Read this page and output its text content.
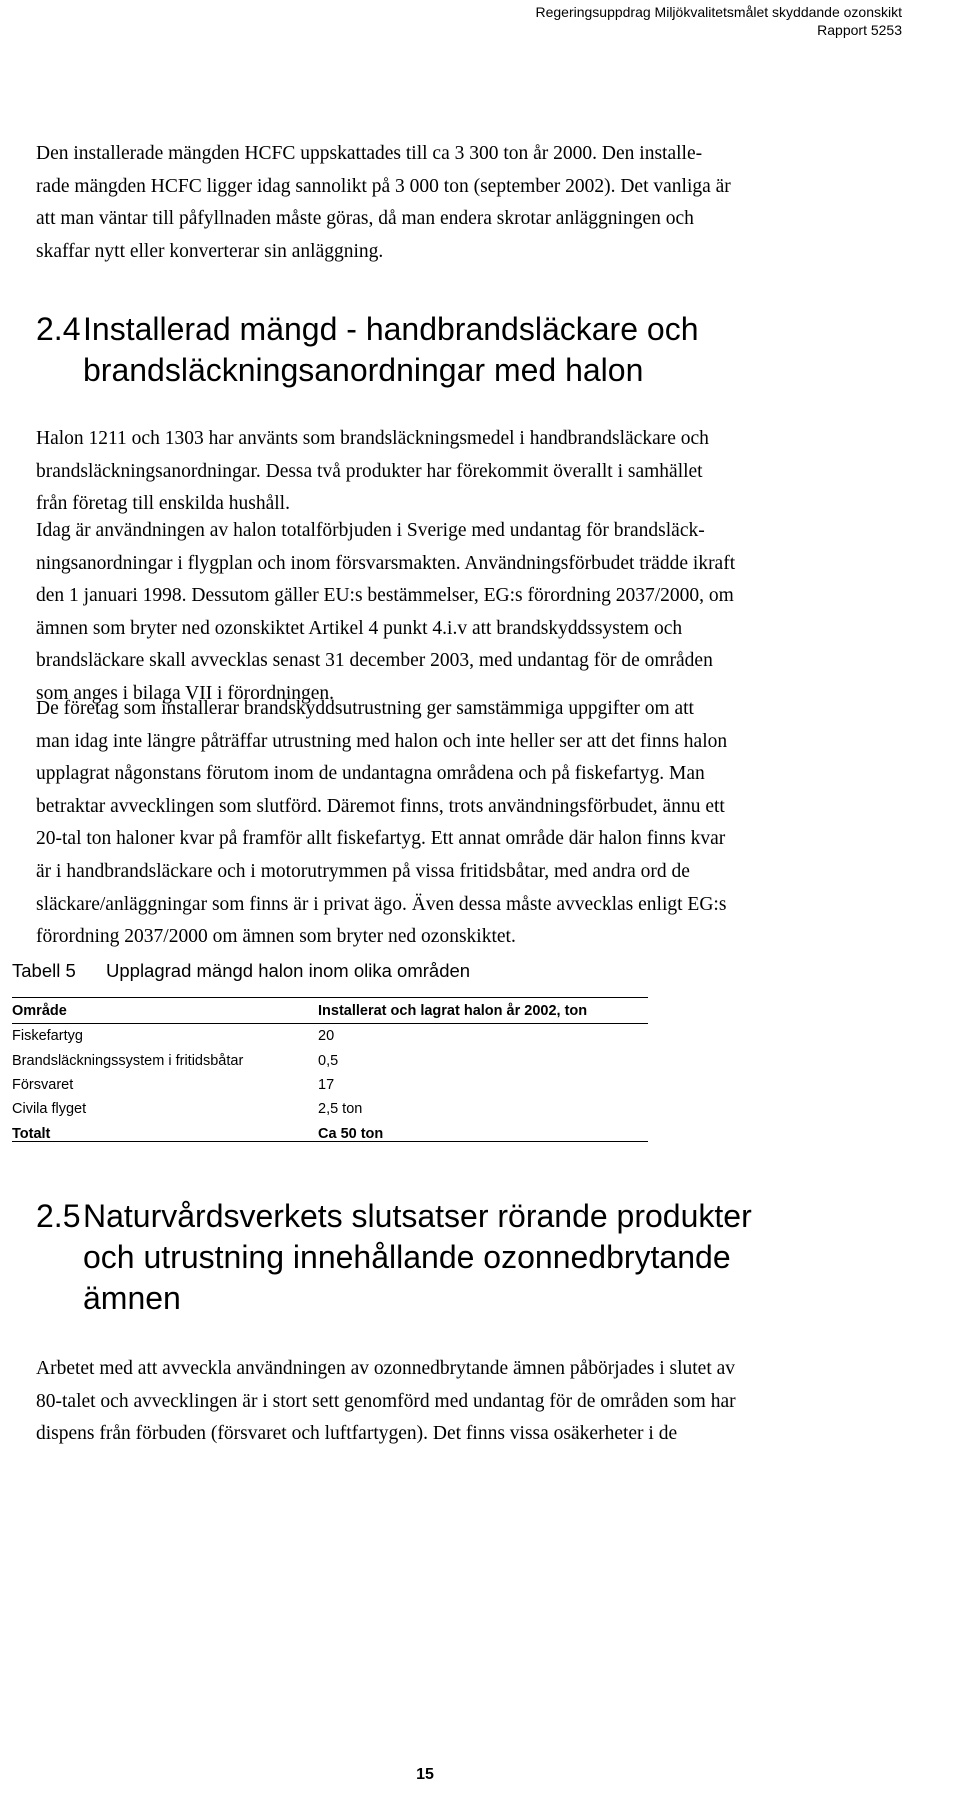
Regeringsuppdrag Miljökvalitetsmålet skyddande ozonskikt
Rapport 5253

Den installerade mängden HCFC uppskattades till ca 3 300 ton år 2000. Den installe-
rade mängden HCFC ligger idag sannolikt på 3 000 ton (september 2002). Det vanliga är
att man väntar till påfyllnaden måste göras, då man endera skrotar anläggningen och
skaffar nytt eller konverterar sin anläggning.

2.4 Installerad mängd - handbrandsläckare och
brandsläckningsanordningar med halon

Halon 1211 och 1303 har använts som brandsläckningsmedel i handbrandsläckare och
brandsläckningsanordningar. Dessa två produkter har förekommit överallt i samhället
från företag till enskilda hushåll.

Idag är användningen av halon totalförbjuden i Sverige med undantag för brandsläck-
ningsanordningar i flygplan och inom försvarsmakten. Användningsförbudet trädde ikraft
den 1 januari 1998. Dessutom gäller EU:s bestämmelser, EG:s förordning 2037/2000, om
ämnen som bryter ned ozonskiktet Artikel 4 punkt 4.i.v att brandskyddssystem och
brandsläckare skall avvecklas senast 31 december 2003, med undantag för de områden
som anges i bilaga VII i förordningen.

De företag som installerar brandskyddsutrustning ger samstämmiga uppgifter om att
man idag inte längre påträffar utrustning med halon och inte heller ser att det finns halon
upplagrat någonstans förutom inom de undantagna områdena och på fiskefartyg. Man
betraktar avvecklingen som slutförd. Däremot finns, trots användningsförbudet, ännu ett
20-tal ton haloner kvar på framför allt fiskefartyg. Ett annat område där halon finns kvar
är i handbrandsläckare och i motorutrymmen på vissa fritidsbåtar, med andra ord de
släckare/anläggningar som finns är i privat ägo. Även dessa måste avvecklas enligt EG:s
förordning 2037/2000 om ämnen som bryter ned ozonskiktet.

Tabell 5 Upplagrad mängd halon inom olika områden
Område	Installerat och lagrat halon år 2002, ton
Fiskefartyg	20
Brandsläckningssystem i fritidsbåtar	0,5
Försvaret	17
Civila flyget	2,5 ton
Totalt	Ca 50 ton
2.5 Naturvårdsverkets slutsatser rörande produkter
och utrustning innehållande ozonnedbrytande
ämnen

Arbetet med att avveckla användningen av ozonnedbrytande ämnen påbörjades i slutet av
80-talet och avvecklingen är i stort sett genomförd med undantag för de områden som har
dispens från förbuden (försvaret och luftfartygen). Det finns vissa osäkerheter i de

15
